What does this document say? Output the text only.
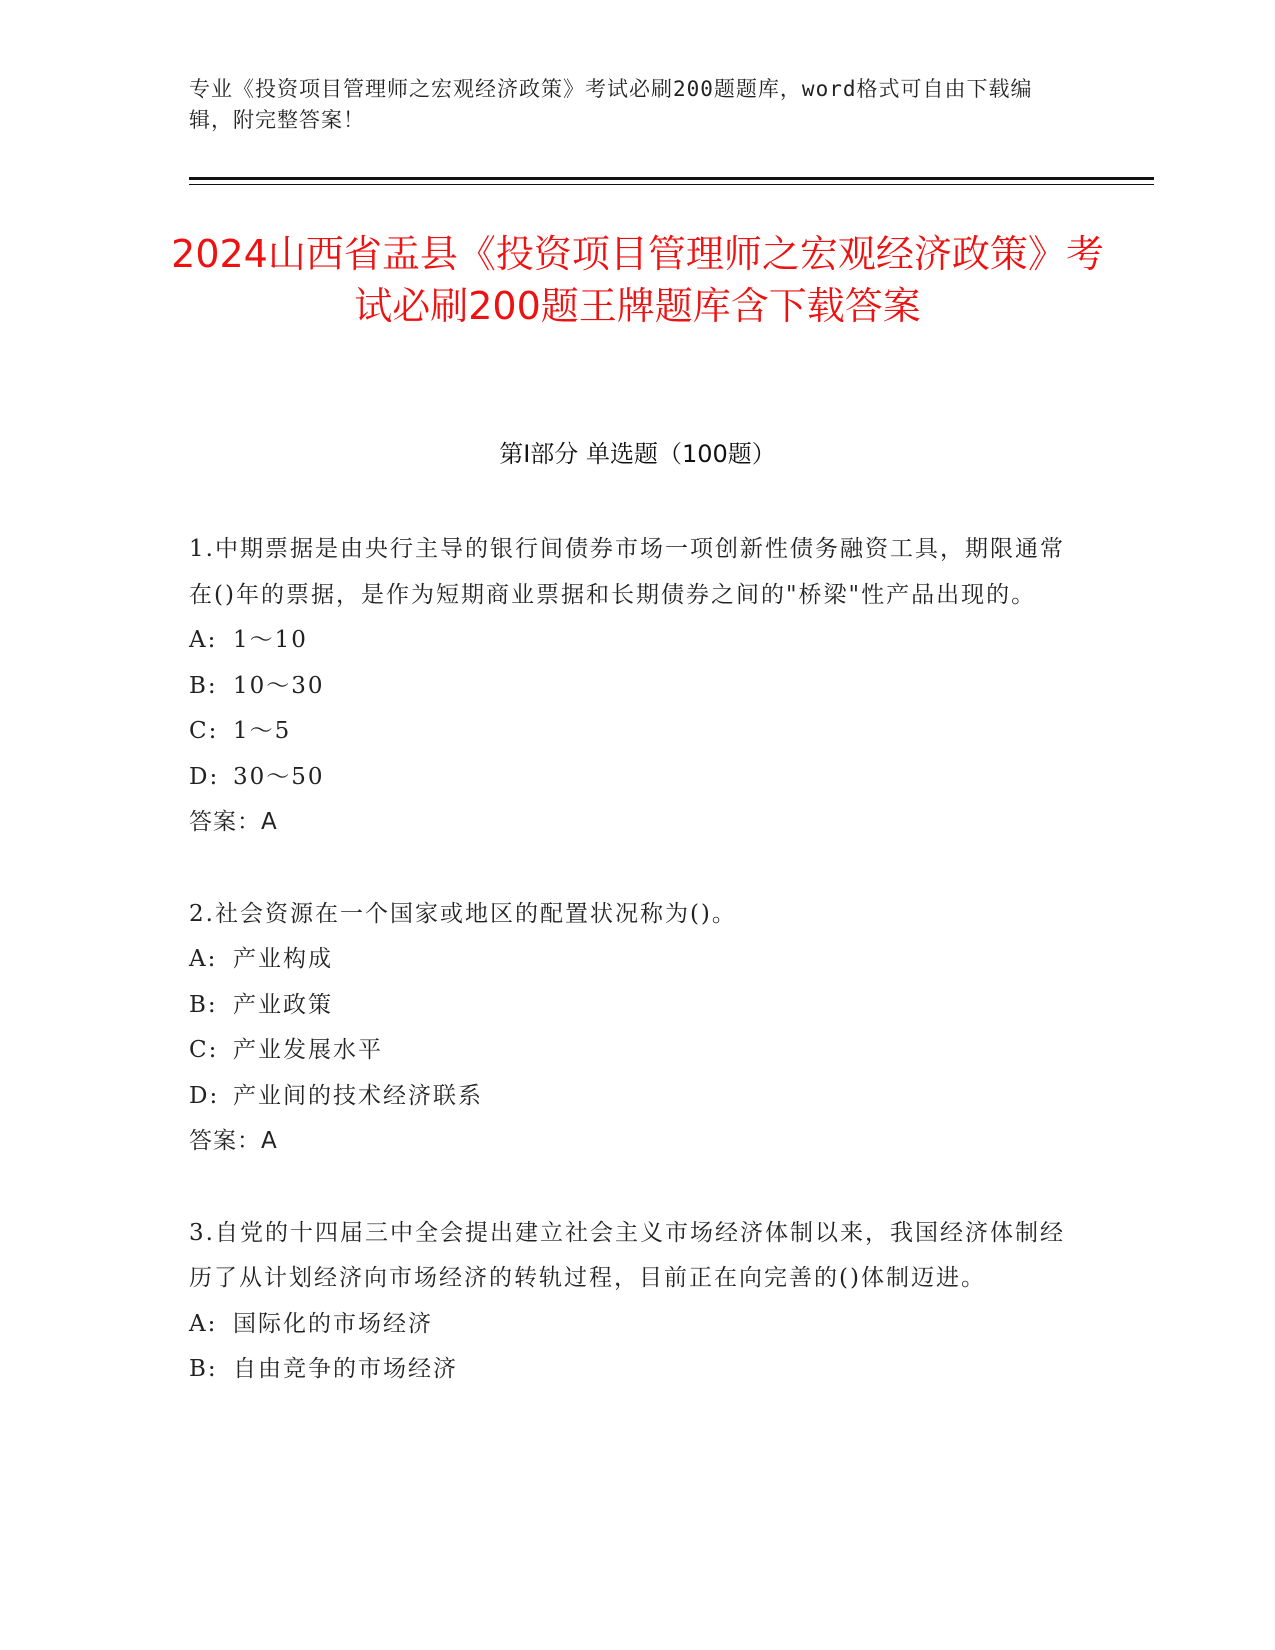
专业《投资项目管理师之宏观经济政策》考试必刷200题题库，word格式可自由下载编辑，附完整答案！
2024山西省盂县《投资项目管理师之宏观经济政策》考试必刷200题王牌题库含下载答案
第I部分 单选题（100题）

1.中期票据是由央行主导的银行间债券市场一项创新性债务融资工具，期限通常在()年的票据，是作为短期商业票据和长期债券之间的"桥梁"性产品出现的。

A: 1～10

B: 10～30

C: 1～5

D: 30～50

答案：A

2.社会资源在一个国家或地区的配置状况称为()。

A: 产业构成

B: 产业政策

C: 产业发展水平

D: 产业间的技术经济联系

答案：A

3.自党的十四届三中全会提出建立社会主义市场经济体制以来，我国经济体制经历了从计划经济向市场经济的转轨过程，目前正在向完善的()体制迈进。

A: 国际化的市场经济

B: 自由竞争的市场经济
